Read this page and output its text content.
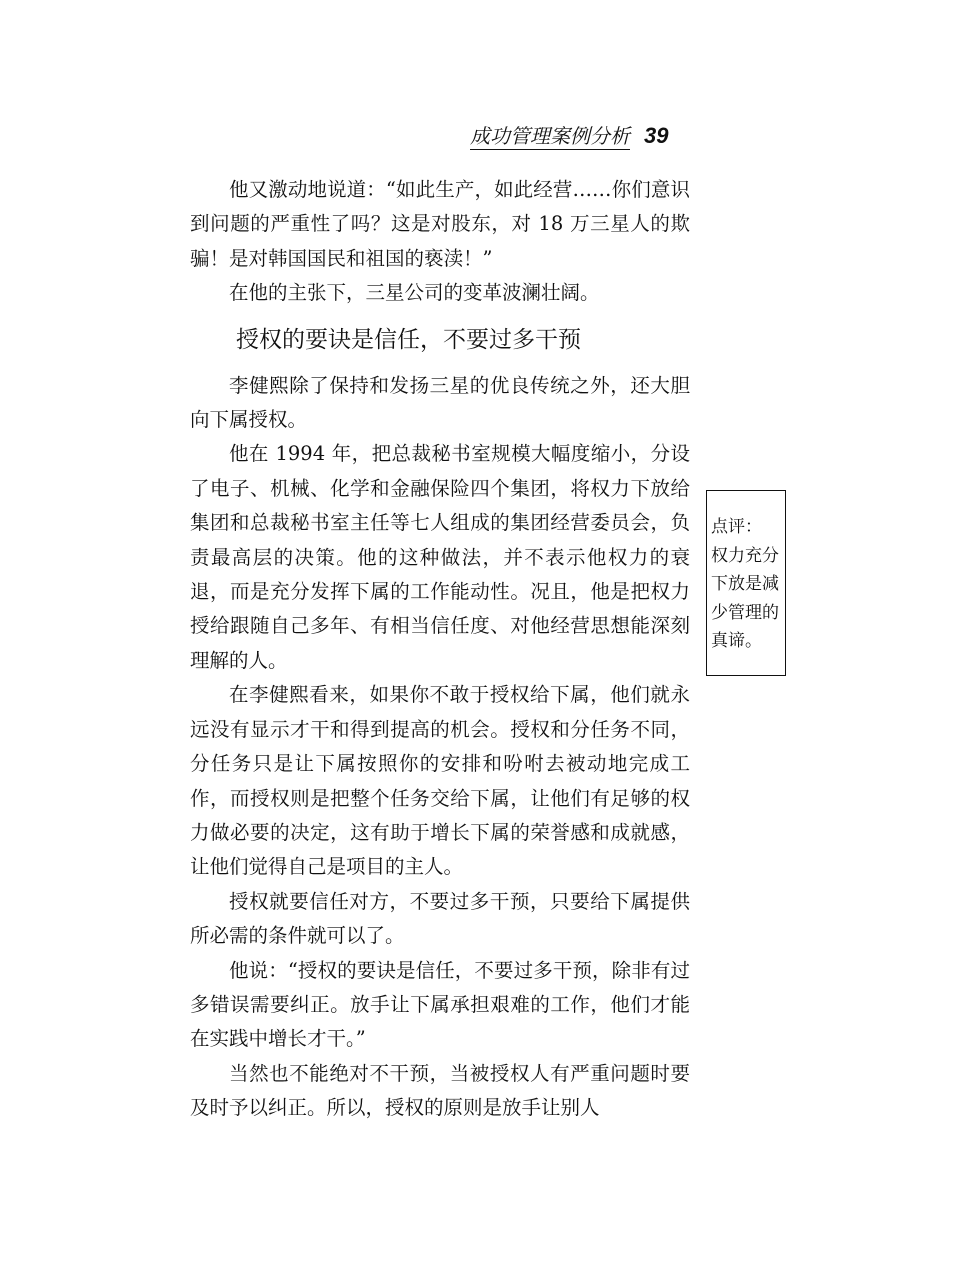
成功管理案例分析 39

他又激动地说道：“如此生产，如此经营……你们意识到问题的严重性了吗？这是对股东，对 18 万三星人的欺骗！是对韩国国民和祖国的亵渎！”

在他的主张下，三星公司的变革波澜壮阔。

授权的要诀是信任，不要过多干预

李健熙除了保持和发扬三星的优良传统之外，还大胆向下属授权。

他在 1994 年，把总裁秘书室规模大幅度缩小，分设了电子、机械、化学和金融保险四个集团，将权力下放给集团和总裁秘书室主任等七人组成的集团经营委员会，负责最高层的决策。他的这种做法，并不表示他权力的衰退，而是充分发挥下属的工作能动性。况且，他是把权力授给跟随自己多年、有相当信任度、对他经营思想能深刻理解的人。

在李健熙看来，如果你不敢于授权给下属，他们就永远没有显示才干和得到提高的机会。授权和分任务不同，分任务只是让下属按照你的安排和吩咐去被动地完成工作，而授权则是把整个任务交给下属，让他们有足够的权力做必要的决定，这有助于增长下属的荣誉感和成就感，让他们觉得自己是项目的主人。

授权就要信任对方，不要过多干预，只要给下属提供所必需的条件就可以了。

他说：“授权的要诀是信任，不要过多干预，除非有过多错误需要纠正。放手让下属承担艰难的工作，他们才能在实践中增长才干。”

当然也不能绝对不干预，当被授权人有严重问题时要及时予以纠正。所以，授权的原则是放手让别人

点评：
权力充分下放是减少管理的真谛。
